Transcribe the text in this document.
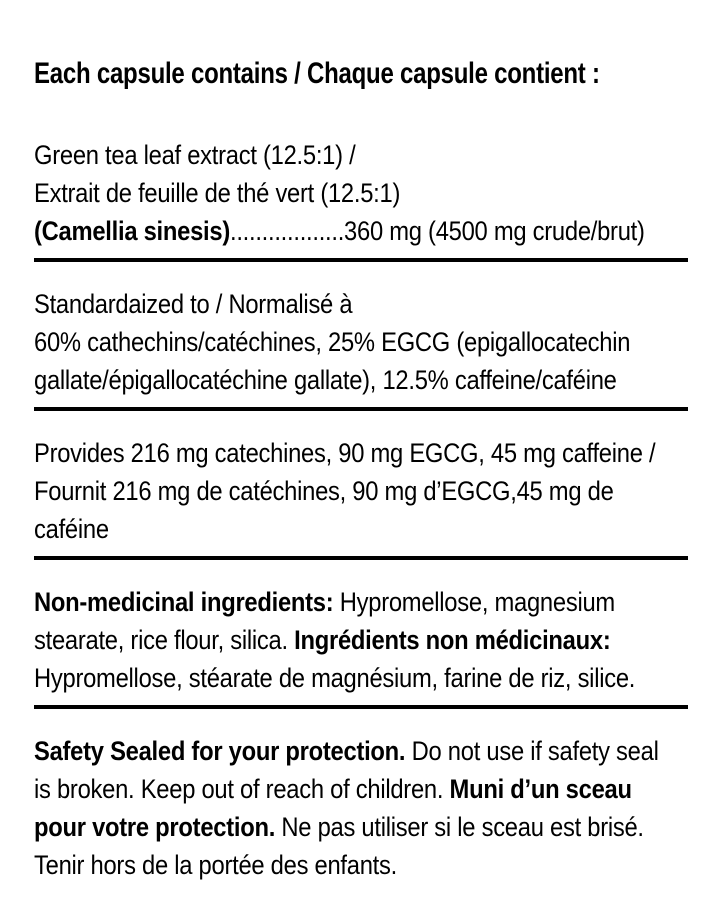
Each capsule contains / Chaque capsule contient :
Green tea leaf extract (12.5:1) /
Extrait de feuille de thé vert (12.5:1)
(Camellia sinesis)..................360 mg (4500 mg crude/brut)
Standardaized to / Normalisé à
60% cathechins/catéchines, 25% EGCG (epigallocatechin
gallate/épigallocatéchine gallate), 12.5% caffeine/caféine
Provides 216 mg catechines, 90 mg EGCG, 45 mg caffeine /
Fournit 216 mg de catéchines, 90 mg d’EGCG,45 mg de
caféine
Non-medicinal ingredients: Hypromellose, magnesium
stearate, rice flour, silica. Ingrédients non médicinaux:
Hypromellose, stéarate de magnésium, farine de riz, silice.
Safety Sealed for your protection. Do not use if safety seal
is broken. Keep out of reach of children. Muni d’un sceau
pour votre protection. Ne pas utiliser si le sceau est brisé.
Tenir hors de la portée des enfants.
